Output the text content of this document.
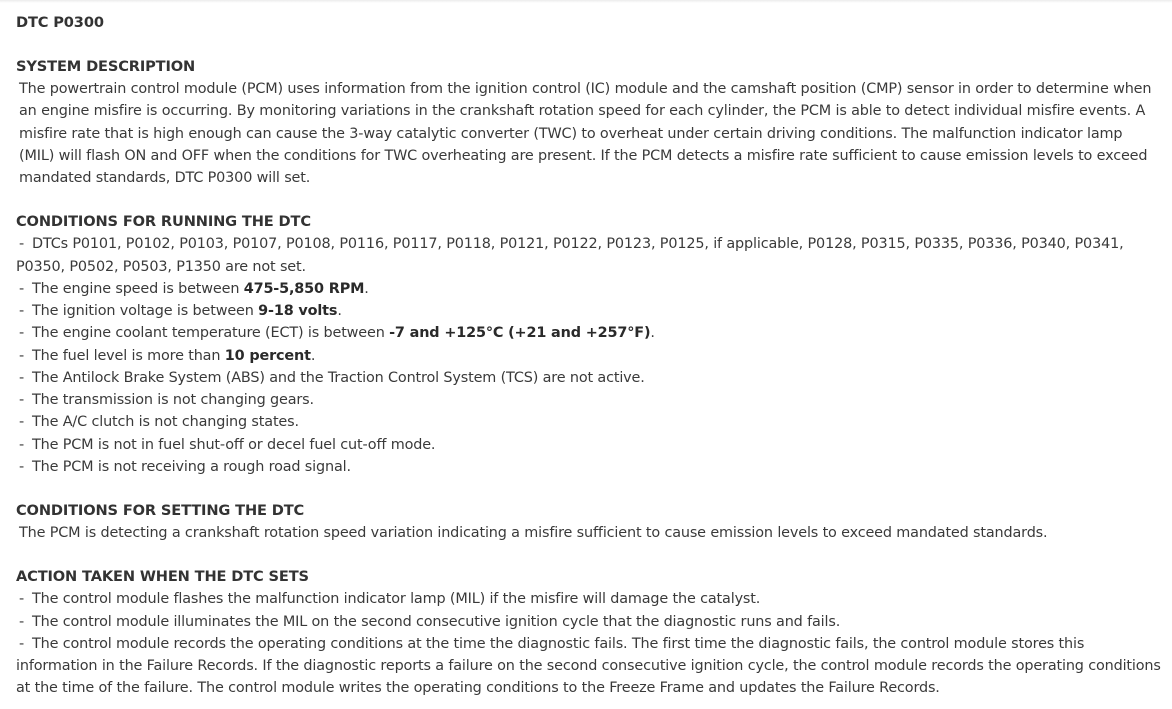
DTC P0300
SYSTEM DESCRIPTION

The powertrain control module (PCM) uses information from the ignition control (IC) module and the camshaft position (CMP) sensor in order to determine when an engine misfire is occurring. By monitoring variations in the crankshaft rotation speed for each cylinder, the PCM is able to detect individual misfire events. A misfire rate that is high enough can cause the 3-way catalytic converter (TWC) to overheat under certain driving conditions. The malfunction indicator lamp (MIL) will flash ON and OFF when the conditions for TWC overheating are present. If the PCM detects a misfire rate sufficient to cause emission levels to exceed mandated standards, DTC P0300 will set.

CONDITIONS FOR RUNNING THE DTC
- DTCs P0101, P0102, P0103, P0107, P0108, P0116, P0117, P0118, P0121, P0122, P0123, P0125, if applicable, P0128, P0315, P0335, P0336, P0340, P0341, P0350, P0502, P0503, P1350 are not set.
- The engine speed is between 475-5,850 RPM.
- The ignition voltage is between 9-18 volts.
- The engine coolant temperature (ECT) is between -7 and +125°C (+21 and +257°F).
- The fuel level is more than 10 percent.
- The Antilock Brake System (ABS) and the Traction Control System (TCS) are not active.
- The transmission is not changing gears.
- The A/C clutch is not changing states.
- The PCM is not in fuel shut-off or decel fuel cut-off mode.
- The PCM is not receiving a rough road signal.
CONDITIONS FOR SETTING THE DTC

The PCM is detecting a crankshaft rotation speed variation indicating a misfire sufficient to cause emission levels to exceed mandated standards.

ACTION TAKEN WHEN THE DTC SETS
- The control module flashes the malfunction indicator lamp (MIL) if the misfire will damage the catalyst.
- The control module illuminates the MIL on the second consecutive ignition cycle that the diagnostic runs and fails.
- The control module records the operating conditions at the time the diagnostic fails. The first time the diagnostic fails, the control module stores this information in the Failure Records. If the diagnostic reports a failure on the second consecutive ignition cycle, the control module records the operating conditions at the time of the failure. The control module writes the operating conditions to the Freeze Frame and updates the Failure Records.
